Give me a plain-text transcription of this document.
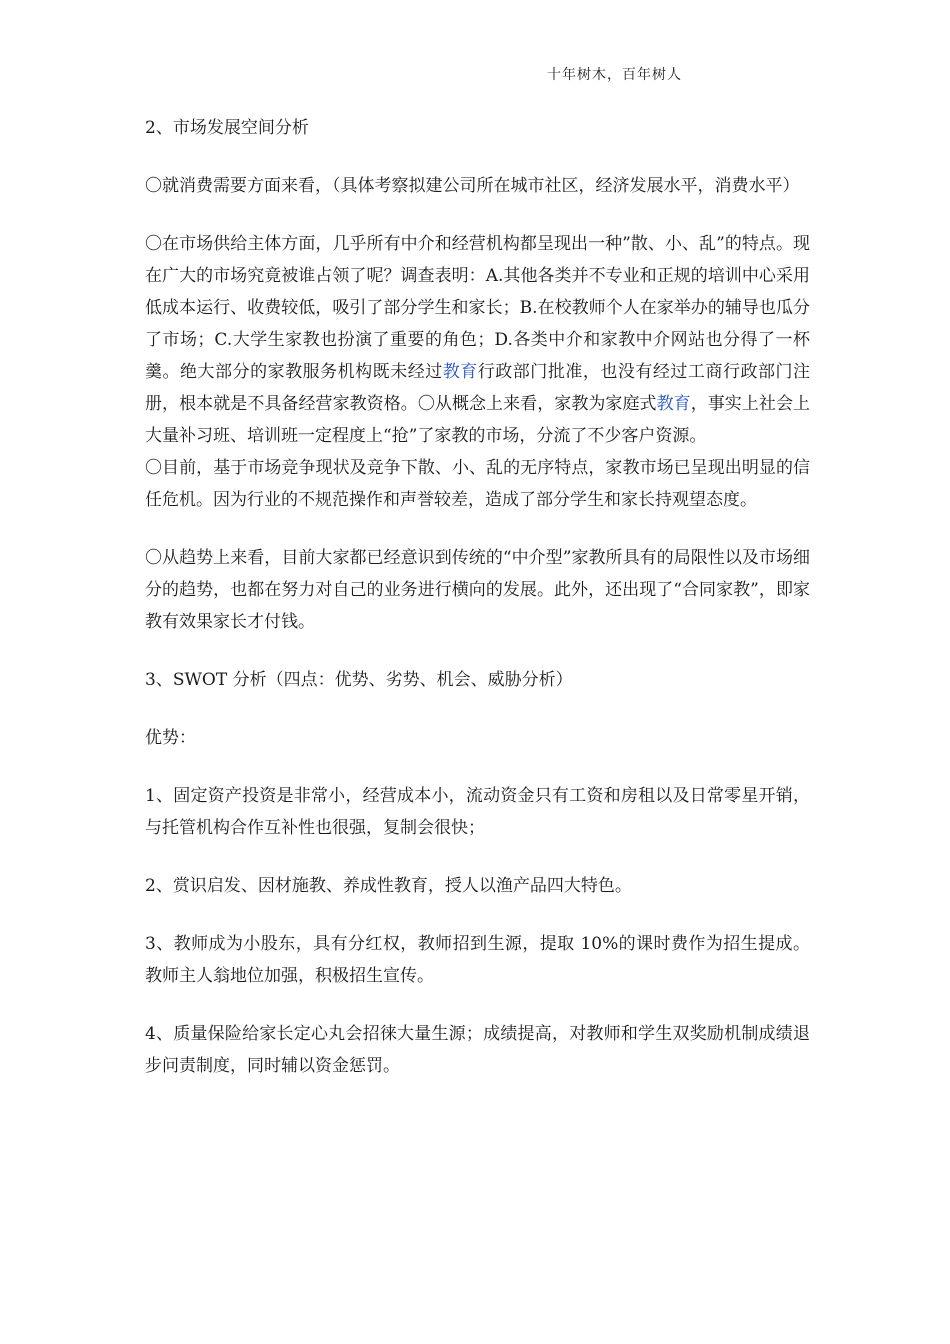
十年树木，百年树人

2、市场发展空间分析

〇就消费需要方面来看，（具体考察拟建公司所在城市社区，经济发展水平，消费水平）

〇在市场供给主体方面，几乎所有中介和经营机构都呈现出一种”散、小、乱”的特点。现在广大的市场究竟被谁占领了呢？调查表明：A.其他各类并不专业和正规的培训中心采用低成本运行、收费较低，吸引了部分学生和家长；B.在校教师个人在家举办的辅导也瓜分了市场；C.大学生家教也扮演了重要的角色；D.各类中介和家教中介网站也分得了一杯羹。绝大部分的家教服务机构既未经过教育行政部门批准，也没有经过工商行政部门注册，根本就是不具备经营家教资格。〇从概念上来看，家教为家庭式教育，事实上社会上大量补习班、培训班一定程度上“抢”了家教的市场，分流了不少客户资源。

〇目前，基于市场竞争现状及竞争下散、小、乱的无序特点，家教市场已呈现出明显的信任危机。因为行业的不规范操作和声誉较差，造成了部分学生和家长持观望态度。

〇从趋势上来看，目前大家都已经意识到传统的“中介型”家教所具有的局限性以及市场细分的趋势，也都在努力对自己的业务进行横向的发展。此外，还出现了“合同家教”，即家教有效果家长才付钱。

3、SWOT 分析（四点：优势、劣势、机会、威胁分析）

优势：

1、固定资产投资是非常小，经营成本小，流动资金只有工资和房租以及日常零星开销，与托管机构合作互补性也很强，复制会很快；

2、赏识启发、因材施教、养成性教育，授人以渔产品四大特色。

3、教师成为小股东，具有分红权，教师招到生源，提取 10%的课时费作为招生提成。教师主人翁地位加强，积极招生宣传。

4、质量保险给家长定心丸会招徕大量生源；成绩提高，对教师和学生双奖励机制成绩退步问责制度，同时辅以资金惩罚。
